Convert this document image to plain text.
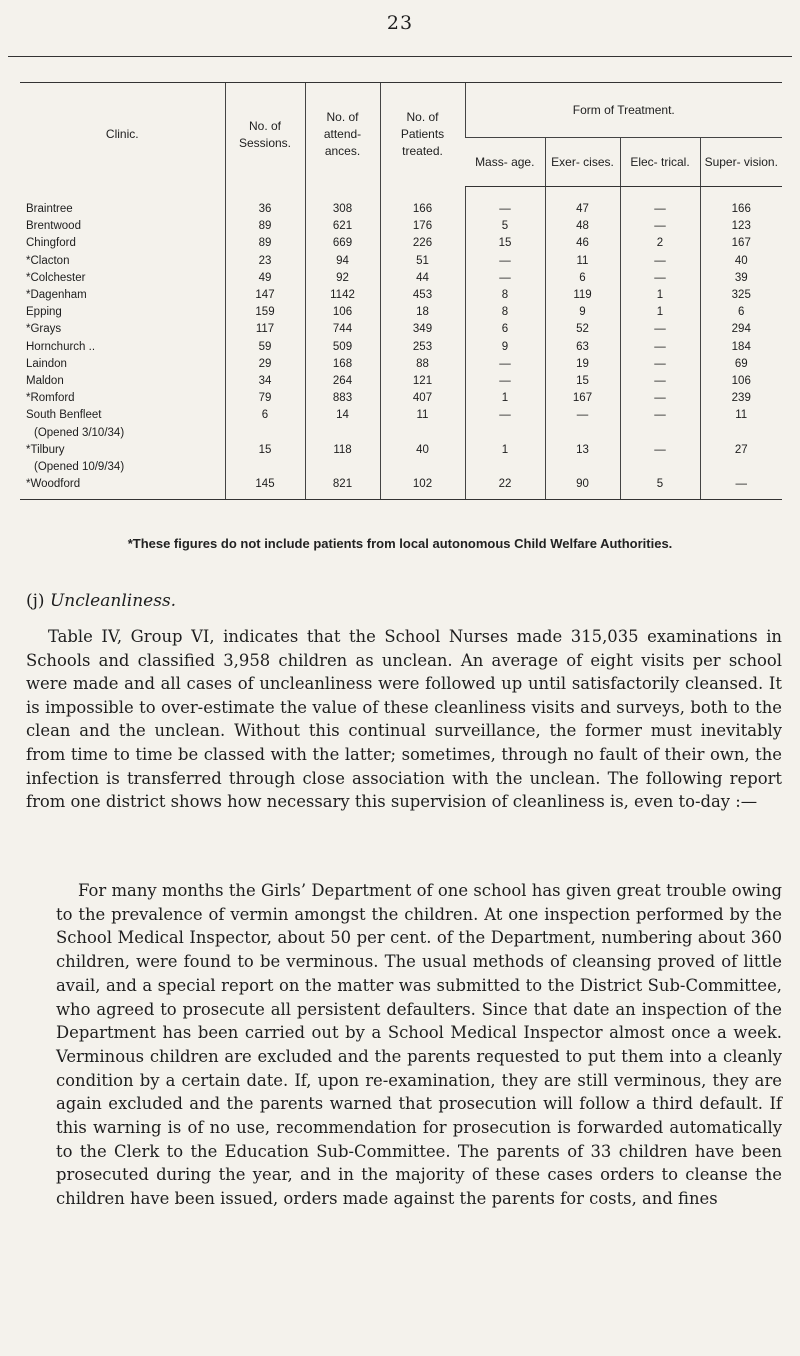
23
Clinic.	No. of Sessions.	No. of attend- ances.	No. of Patients treated.	Form of Treatment.			
				Mass- age.	Exer- cises.	Elec- trical.	Super- vision.
Braintree	36	308	166	—	47	—	166
Brentwood	89	621	176	5	48	—	123
Chingford	89	669	226	15	46	2	167
*Clacton	23	94	51	—	11	—	40
*Colchester	49	92	44	—	6	—	39
*Dagenham	147	1142	453	8	119	1	325
Epping	159	106	18	8	9	1	6
*Grays	117	744	349	6	52	—	294
Hornchurch ..	59	509	253	9	63	—	184
Laindon	29	168	88	—	19	—	69
Maldon	34	264	121	—	15	—	106
*Romford	79	883	407	1	167	—	239
South Benfleet
(Opened 3/10/34)	6	14	11	—	—	—	11
*Tilbury
(Opened 10/9/34)	15	118	40	1	13	—	27
*Woodford	145	821	102	22	90	5	—
*These figures do not include patients from local autonomous Child Welfare Authorities.
(j) Uncleanliness.

Table IV, Group VI, indicates that the School Nurses made 315,035 examinations in Schools and classified 3,958 children as unclean. An average of eight visits per school were made and all cases of uncleanliness were followed up until satisfactorily cleansed. It is impossible to over-estimate the value of these cleanliness visits and surveys, both to the clean and the unclean. Without this continual surveillance, the former must inevitably from time to time be classed with the latter; sometimes, through no fault of their own, the infection is transferred through close association with the unclean. The following report from one district shows how necessary this supervision of cleanliness is, even to-day :—

For many months the Girls’ Department of one school has given great trouble owing to the prevalence of vermin amongst the children. At one inspection performed by the School Medical Inspector, about 50 per cent. of the Department, numbering about 360 children, were found to be verminous. The usual methods of cleansing proved of little avail, and a special report on the matter was submitted to the District Sub-Committee, who agreed to prosecute all persistent defaulters. Since that date an inspection of the Department has been carried out by a School Medical Inspector almost once a week. Verminous children are excluded and the parents requested to put them into a cleanly condition by a certain date. If, upon re-examination, they are still verminous, they are again excluded and the parents warned that prosecution will follow a third default. If this warning is of no use, recommendation for prosecution is forwarded automatically to the Clerk to the Education Sub-Committee. The parents of 33 children have been prosecuted during the year, and in the majority of these cases orders to cleanse the children have been issued, orders made against the parents for costs, and fines
